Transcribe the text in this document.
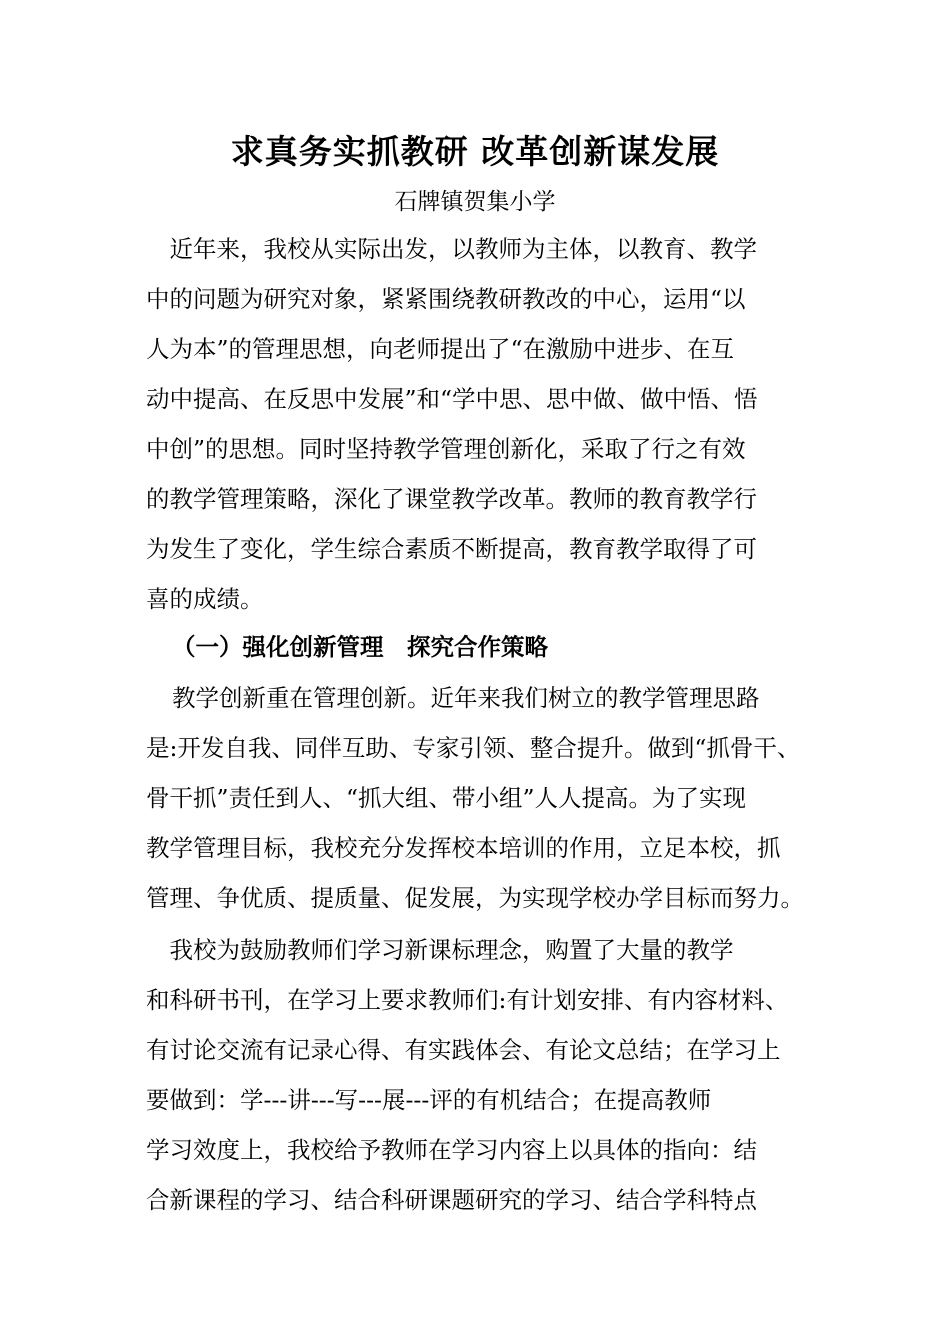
求真务实抓教研 改革创新谋发展
石牌镇贺集小学
　近年来，我校从实际出发，以教师为主体，以教育、教学
中的问题为研究对象，紧紧围绕教研教改的中心，运用“以
人为本”的管理思想，向老师提出了“在激励中进步、在互
动中提高、在反思中发展”和“学中思、思中做、做中悟、悟
中创”的思想。同时坚持教学管理创新化，采取了行之有效
的教学管理策略，深化了课堂教学改革。教师的教育教学行
为发生了变化，学生综合素质不断提高，教育教学取得了可
喜的成绩。
（一）强化创新管理　探究合作策略
教学创新重在管理创新。近年来我们树立的教学管理思路
是:开发自我、同伴互助、专家引领、整合提升。做到“抓骨干、
骨干抓”责任到人、“抓大组、带小组”人人提高。为了实现
教学管理目标，我校充分发挥校本培训的作用，立足本校，抓
管理、争优质、提质量、促发展，为实现学校办学目标而努力。
　我校为鼓励教师们学习新课标理念，购置了大量的教学
和科研书刊，在学习上要求教师们:有计划安排、有内容材料、
有讨论交流有记录心得、有实践体会、有论文总结；在学习上
要做到：学---讲---写---展---评的有机结合；在提高教师
学习效度上，我校给予教师在学习内容上以具体的指向：结
合新课程的学习、结合科研课题研究的学习、结合学科特点
